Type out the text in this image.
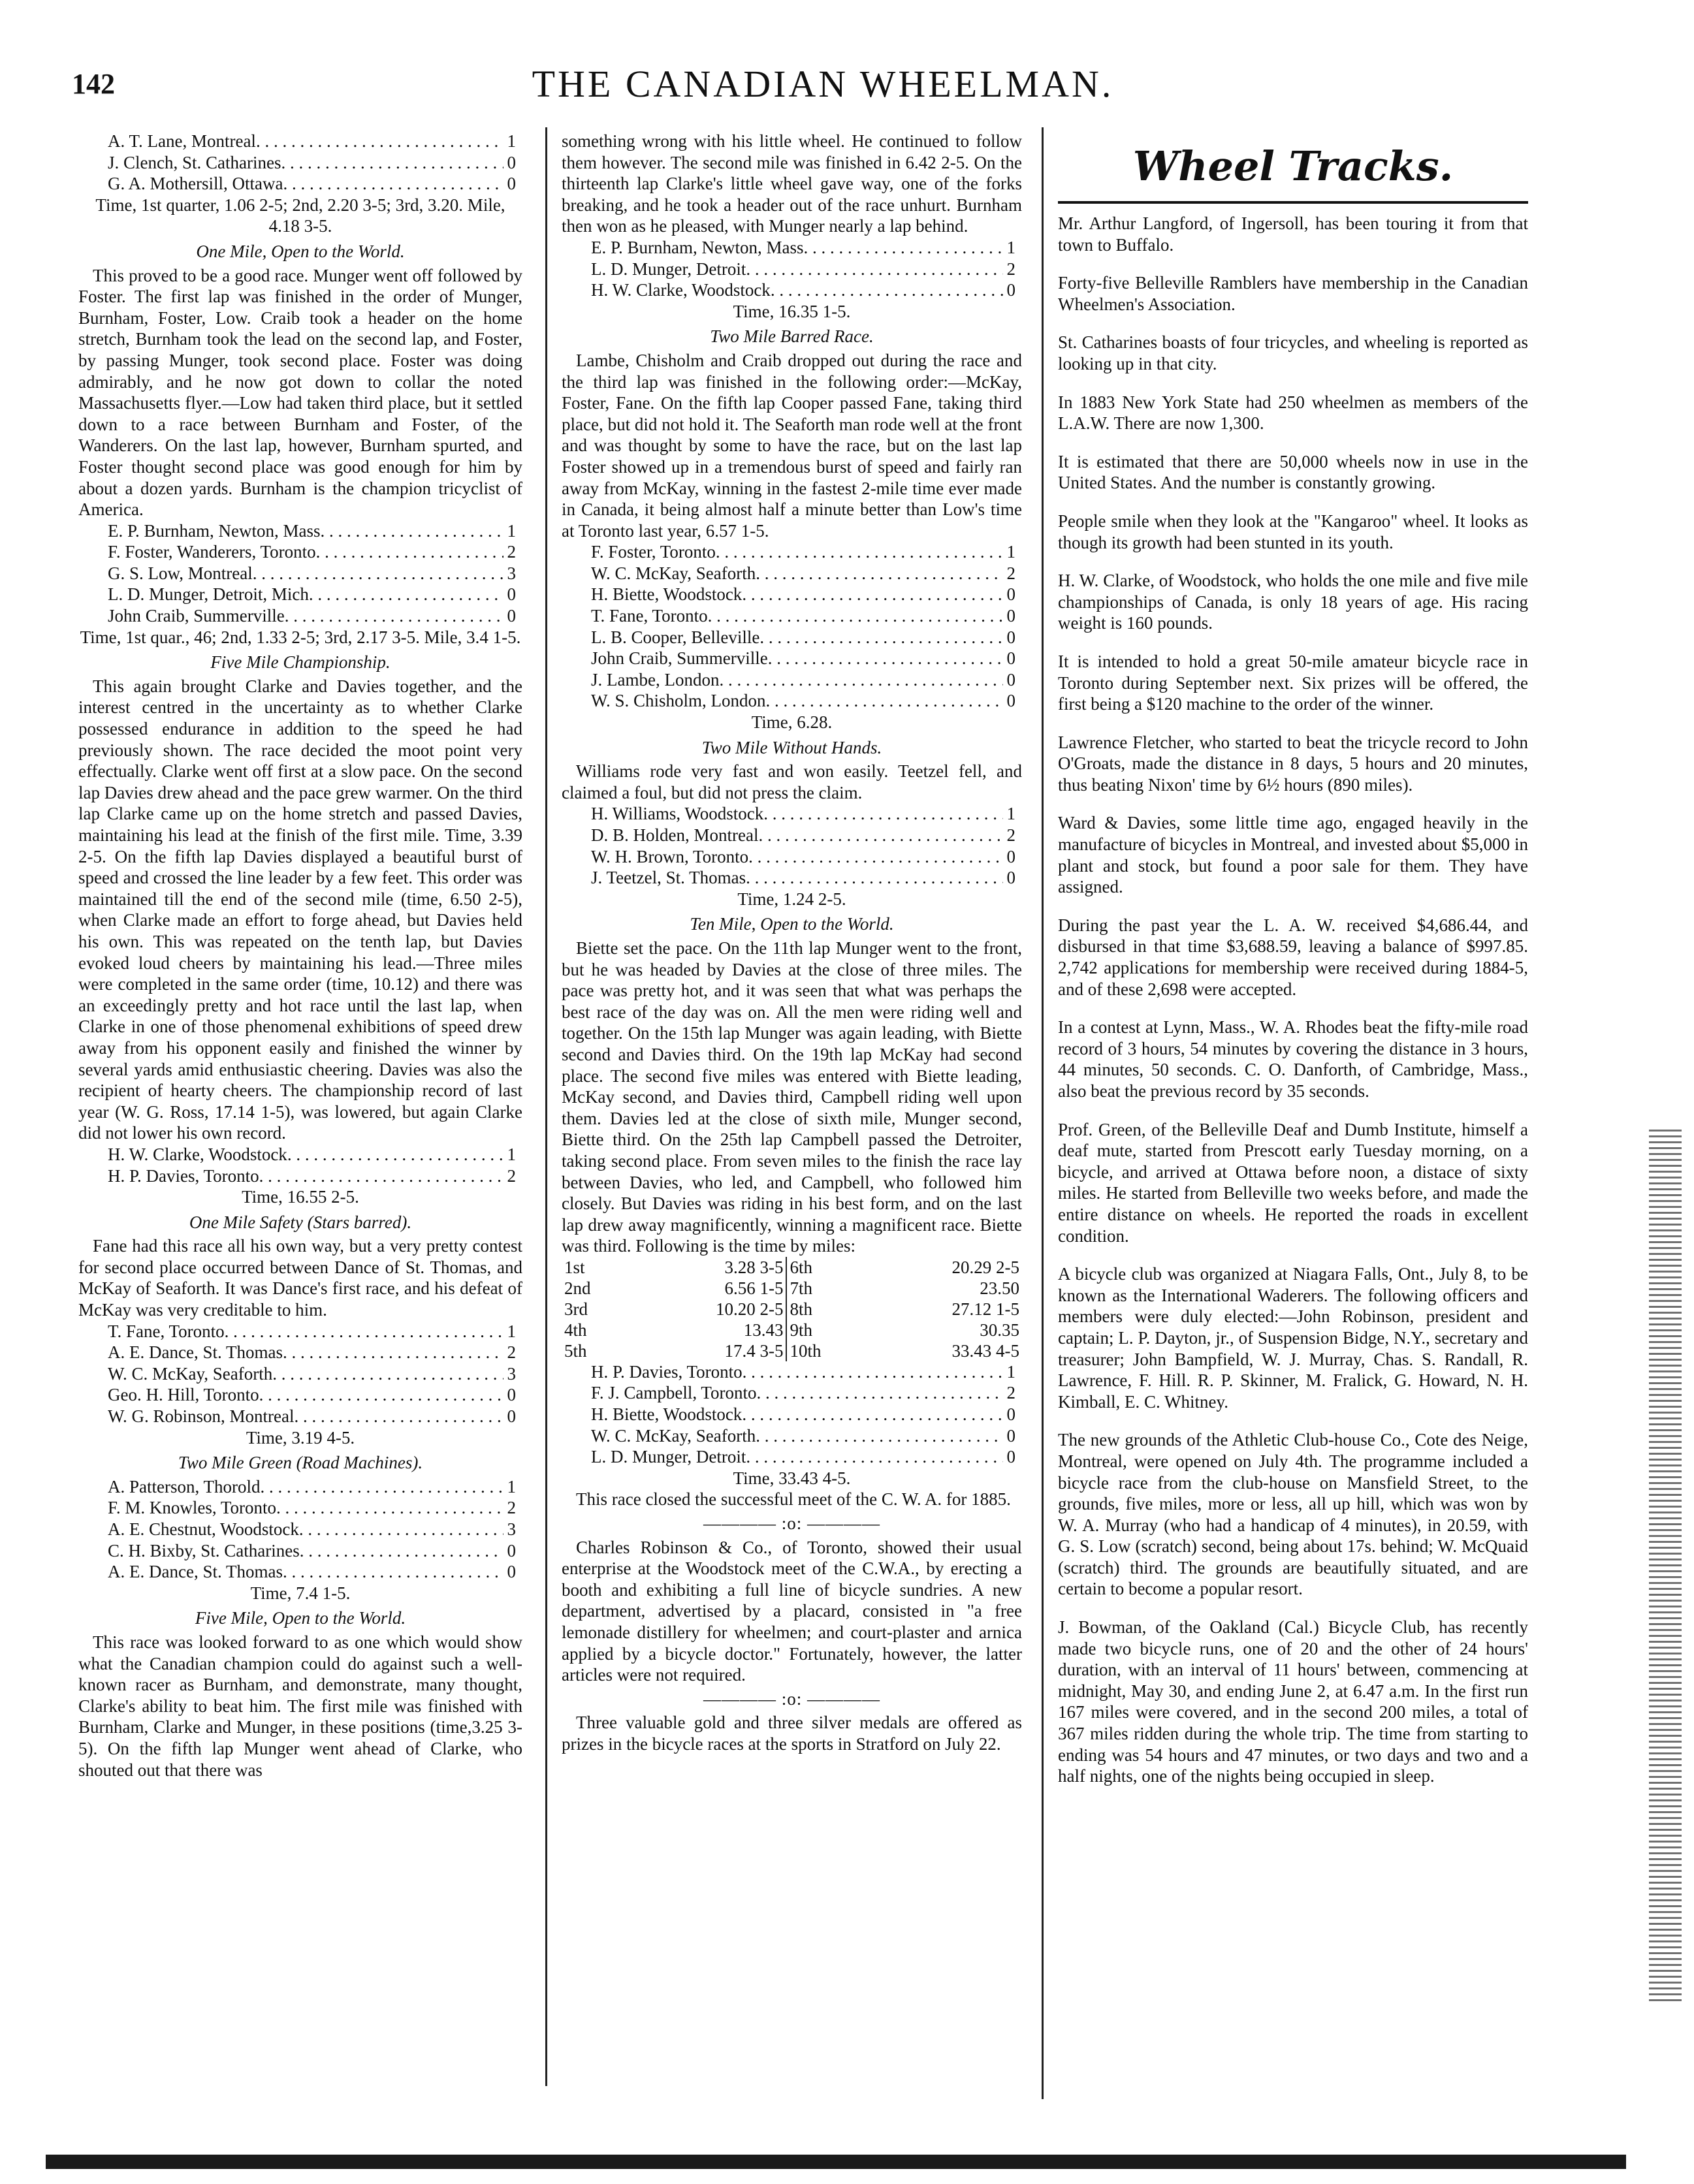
142	THE CANADIAN WHEELMAN.
A. T. Lane, Montreal . . .	1
J. Clench, St. Catharines . . .	0
G. A. Mothersill, Ottawa . . .	0
Time, 1st quarter, 1.06 2-5; 2nd, 2.20 3-5; 3rd, 3.20. Mile, 4.18 3-5.
One Mile, Open to the World.

This proved to be a good race. Munger went off followed by Foster. The first lap was finished in the order of Munger, Burnham, Foster, Low. Craib took a header on the home stretch, Burnham took the lead on the second lap, and Foster, by passing Munger, took second place. Foster was doing admirably, and he now got down to collar the noted Massachusetts flyer.—Low had taken third place, but it settled down to a race between Burnham and Foster, of the Wanderers. On the last lap, however, Burnham spurted, and Foster thought second place was good enough for him by about a dozen yards. Burnham is the champion tricyclist of America.

E. P. Burnham, Newton, Mass . . .	1
F. Foster, Wanderers, Toronto . . .	2
G. S. Low, Montreal . . .	3
L. D. Munger, Detroit, Mich . . .	0
John Craib, Summerville . . .	0
Time, 1st quar., 46; 2nd, 1.33 2-5; 3rd, 2.17 3-5. Mile, 3.4 1-5.
Five Mile Championship.

This again brought Clarke and Davies together, and the interest centred in the uncertainty as to whether Clarke possessed endurance in addition to the speed he had previously shown. The race decided the moot point very effectually. Clarke went off first at a slow pace. On the second lap Davies drew ahead and the pace grew warmer. On the third lap Clarke came up on the home stretch and passed Davies, maintaining his lead at the finish of the first mile. Time, 3.39 2-5. On the fifth lap Davies displayed a beautiful burst of speed and crossed the line leader by a few feet. This order was maintained till the end of the second mile (time, 6.50 2-5), when Clarke made an effort to forge ahead, but Davies held his own. This was repeated on the tenth lap, but Davies evoked loud cheers by maintaining his lead.—Three miles were completed in the same order (time, 10.12) and there was an exceedingly pretty and hot race until the last lap, when Clarke in one of those phenomenal exhibitions of speed drew away from his opponent easily and finished the winner by several yards amid enthusiastic cheering. Davies was also the recipient of hearty cheers. The championship record of last year (W. G. Ross, 17.14 1-5), was lowered, but again Clarke did not lower his own record.

H. W. Clarke, Woodstock . . .	1
H. P. Davies, Toronto . . .	2
Time, 16.55 2-5.
One Mile Safety (Stars barred).

Fane had this race all his own way, but a very pretty contest for second place occurred between Dance of St. Thomas, and McKay of Seaforth. It was Dance's first race, and his defeat of McKay was very creditable to him.

T. Fane, Toronto . . .	1
A. E. Dance, St. Thomas . . .	2
W. C. McKay, Seaforth . . .	3
Geo. H. Hill, Toronto . . .	0
W. G. Robinson, Montreal . . .	0
Time, 3.19 4-5.
Two Mile Green (Road Machines).
A. Patterson, Thorold . . .	1
F. M. Knowles, Toronto . . .	2
A. E. Chestnut, Woodstock . . .	3
C. H. Bixby, St. Catharines . . .	0
A. E. Dance, St. Thomas . . .	0
Time, 7.4 1-5.
Five Mile, Open to the World.

This race was looked forward to as one which would show what the Canadian champion could do against such a well-known racer as Burnham, and demonstrate, many thought, Clarke's ability to beat him. The first mile was finished with Burnham, Clarke and Munger, in these positions (time,3.25 3-5). On the fifth lap Munger went ahead of Clarke, who shouted out that there was

something wrong with his little wheel. He continued to follow them however. The second mile was finished in 6.42 2-5. On the thirteenth lap Clarke's little wheel gave way, one of the forks breaking, and he took a header out of the race unhurt. Burnham then won as he pleased, with Munger nearly a lap behind.

E. P. Burnham, Newton, Mass . . .	1
L. D. Munger, Detroit . . .	2
H. W. Clarke, Woodstock . . .	0
Time, 16.35 1-5.
Two Mile Barred Race.

Lambe, Chisholm and Craib dropped out during the race and the third lap was finished in the following order:—McKay, Foster, Fane. On the fifth lap Cooper passed Fane, taking third place, but did not hold it. The Seaforth man rode well at the front and was thought by some to have the race, but on the last lap Foster showed up in a tremendous burst of speed and fairly ran away from McKay, winning in the fastest 2-mile time ever made in Canada, it being almost half a minute better than Low's time at Toronto last year, 6.57 1-5.

F. Foster, Toronto . . .	1
W. C. McKay, Seaforth . . .	2
H. Biette, Woodstock . . .	0
T. Fane, Toronto . . .	0
L. B. Cooper, Belleville . . .	0
John Craib, Summerville . . .	0
J. Lambe, London . . .	0
W. S. Chisholm, London . . .	0
Time, 6.28.
Two Mile Without Hands.

Williams rode very fast and won easily. Teetzel fell, and claimed a foul, but did not press the claim.

H. Williams, Woodstock . . .	1
D. B. Holden, Montreal . . .	2
W. H. Brown, Toronto . . .	0
J. Teetzel, St. Thomas . . .	0
Time, 1.24 2-5.
Ten Mile, Open to the World.

Biette set the pace. On the 11th lap Munger went to the front, but he was headed by Davies at the close of three miles. The pace was pretty hot, and it was seen that what was perhaps the best race of the day was on. All the men were riding well and together. On the 15th lap Munger was again leading, with Biette second and Davies third. On the 19th lap McKay had second place. The second five miles was entered with Biette leading, McKay second, and Davies third, Campbell riding well upon them. Davies led at the close of sixth mile, Munger second, Biette third. On the 25th lap Campbell passed the Detroiter, taking second place. From seven miles to the finish the race lay between Davies, who led, and Campbell, who followed him closely. But Davies was riding in his best form, and on the last lap drew away magnificently, winning a magnificent race. Biette was third. Following is the time by miles:

1st	3.28 3-5	6th	20.29 2-5
2nd	6.56 1-5	7th	23.50
3rd	10.20 2-5	8th	27.12 1-5
4th	13.43	9th	30.35
5th	17.4 3-5	10th	33.43 4-5
H. P. Davies, Toronto . . .	1
F. J. Campbell, Toronto . . .	2
H. Biette, Woodstock . . .	0
W. C. McKay, Seaforth . . .	0
L. D. Munger, Detroit . . .	0
Time, 33.43 4-5.

This race closed the successful meet of the C. W. A. for 1885.

———— :o: ————

Charles Robinson & Co., of Toronto, showed their usual enterprise at the Woodstock meet of the C.W.A., by erecting a booth and exhibiting a full line of bicycle sundries. A new department, advertised by a placard, consisted in "a free lemonade distillery for wheelmen; and court-plaster and arnica applied by a bicycle doctor." Fortunately, however, the latter articles were not required.

———— :o: ————

Three valuable gold and three silver medals are offered as prizes in the bicycle races at the sports in Stratford on July 22.

Wheel Tracks.

Mr. Arthur Langford, of Ingersoll, has been touring it from that town to Buffalo.

Forty-five Belleville Ramblers have membership in the Canadian Wheelmen's Association.

St. Catharines boasts of four tricycles, and wheeling is reported as looking up in that city.

In 1883 New York State had 250 wheelmen as members of the L.A.W. There are now 1,300.

It is estimated that there are 50,000 wheels now in use in the United States. And the number is constantly growing.

People smile when they look at the "Kangaroo" wheel. It looks as though its growth had been stunted in its youth.

H. W. Clarke, of Woodstock, who holds the one mile and five mile championships of Canada, is only 18 years of age. His racing weight is 160 pounds.

It is intended to hold a great 50-mile amateur bicycle race in Toronto during September next. Six prizes will be offered, the first being a $120 machine to the order of the winner.

Lawrence Fletcher, who started to beat the tricycle record to John O'Groats, made the distance in 8 days, 5 hours and 20 minutes, thus beating Nixon' time by 6½ hours (890 miles).

Ward & Davies, some little time ago, engaged heavily in the manufacture of bicycles in Montreal, and invested about $5,000 in plant and stock, but found a poor sale for them. They have assigned.

During the past year the L. A. W. received $4,686.44, and disbursed in that time $3,688.59, leaving a balance of $997.85. 2,742 applications for membership were received during 1884-5, and of these 2,698 were accepted.

In a contest at Lynn, Mass., W. A. Rhodes beat the fifty-mile road record of 3 hours, 54 minutes by covering the distance in 3 hours, 44 minutes, 50 seconds. C. O. Danforth, of Cambridge, Mass., also beat the previous record by 35 seconds.

Prof. Green, of the Belleville Deaf and Dumb Institute, himself a deaf mute, started from Prescott early Tuesday morning, on a bicycle, and arrived at Ottawa before noon, a distace of sixty miles. He started from Belleville two weeks before, and made the entire distance on wheels. He reported the roads in excellent condition.

A bicycle club was organized at Niagara Falls, Ont., July 8, to be known as the International Waderers. The following officers and members were duly elected:—John Robinson, president and captain; L. P. Dayton, jr., of Suspension Bidge, N.Y., secretary and treasurer; John Bampfield, W. J. Murray, Chas. S. Randall, R. Lawrence, F. Hill. R. P. Skinner, M. Fralick, G. Howard, N. H. Kimball, E. C. Whitney.

The new grounds of the Athletic Club-house Co., Cote des Neige, Montreal, were opened on July 4th. The programme included a bicycle race from the club-house on Mansfield Street, to the grounds, five miles, more or less, all up hill, which was won by W. A. Murray (who had a handicap of 4 minutes), in 20.59, with G. S. Low (scratch) second, being about 17s. behind; W. McQuaid (scratch) third. The grounds are beautifully situated, and are certain to become a popular resort.

J. Bowman, of the Oakland (Cal.) Bicycle Club, has recently made two bicycle runs, one of 20 and the other of 24 hours' duration, with an interval of 11 hours' between, commencing at midnight, May 30, and ending June 2, at 6.47 a.m. In the first run 167 miles were covered, and in the second 200 miles, a total of 367 miles ridden during the whole trip. The time from starting to ending was 54 hours and 47 minutes, or two days and two and a half nights, one of the nights being occupied in sleep.
